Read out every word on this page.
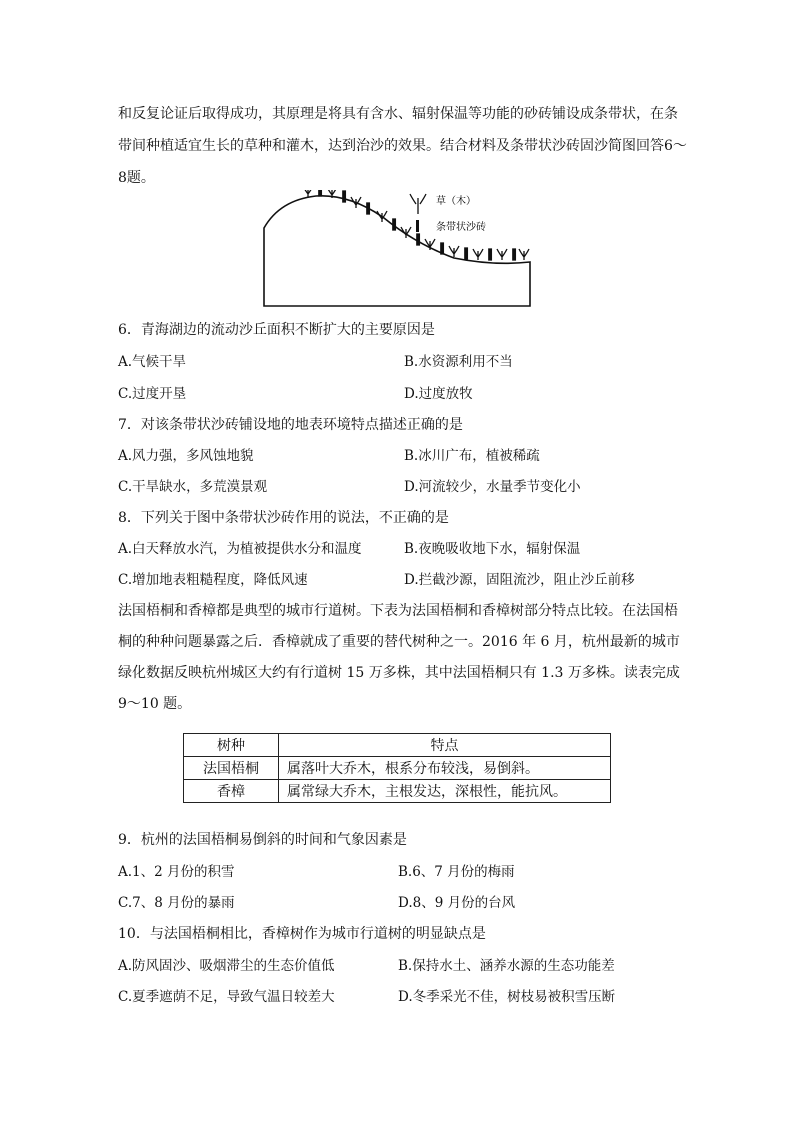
和反复论证后取得成功，其原理是将具有含水、辐射保温等功能的砂砖铺设成条带状，在条
带间种植适宜生长的草种和灌木，达到治沙的效果。结合材料及条带状沙砖固沙简图回答6～
8题。
草（木）
条带状沙砖
6．青海湖边的流动沙丘面积不断扩大的主要原因是
A.气候干旱	B.水资源利用不当
C.过度开垦	D.过度放牧
7．对该条带状沙砖铺设地的地表环境特点描述正确的是
A.风力强，多风蚀地貌	B.冰川广布，植被稀疏
C.干旱缺水，多荒漠景观	D.河流较少，水量季节变化小
8．下列关于图中条带状沙砖作用的说法，不正确的是
A.白天释放水汽，为植被提供水分和温度	B.夜晚吸收地下水，辐射保温
C.增加地表粗糙程度，降低风速	D.拦截沙源，固阻流沙，阻止沙丘前移
法国梧桐和香樟都是典型的城市行道树。下表为法国梧桐和香樟树部分特点比较。在法国梧
桐的种种问题暴露之后．香樟就成了重要的替代树种之一。2016 年 6 月，杭州最新的城市
绿化数据反映杭州城区大约有行道树 15 万多株，其中法国梧桐只有 1.3 万多株。读表完成
9～10 题。
树种	特点
法国梧桐	属落叶大乔木，根系分布较浅，易倒斜。
香樟	属常绿大乔木，主根发达，深根性，能抗风。
9．杭州的法国梧桐易倒斜的时间和气象因素是
A.1、2 月份的积雪	B.6、7 月份的梅雨
C.7、8 月份的暴雨	D.8、9 月份的台风
10．与法国梧桐相比，香樟树作为城市行道树的明显缺点是
A.防风固沙、吸烟滞尘的生态价值低	B.保持水土、涵养水源的生态功能差
C.夏季遮荫不足，导致气温日较差大	D.冬季采光不佳，树枝易被积雪压断
